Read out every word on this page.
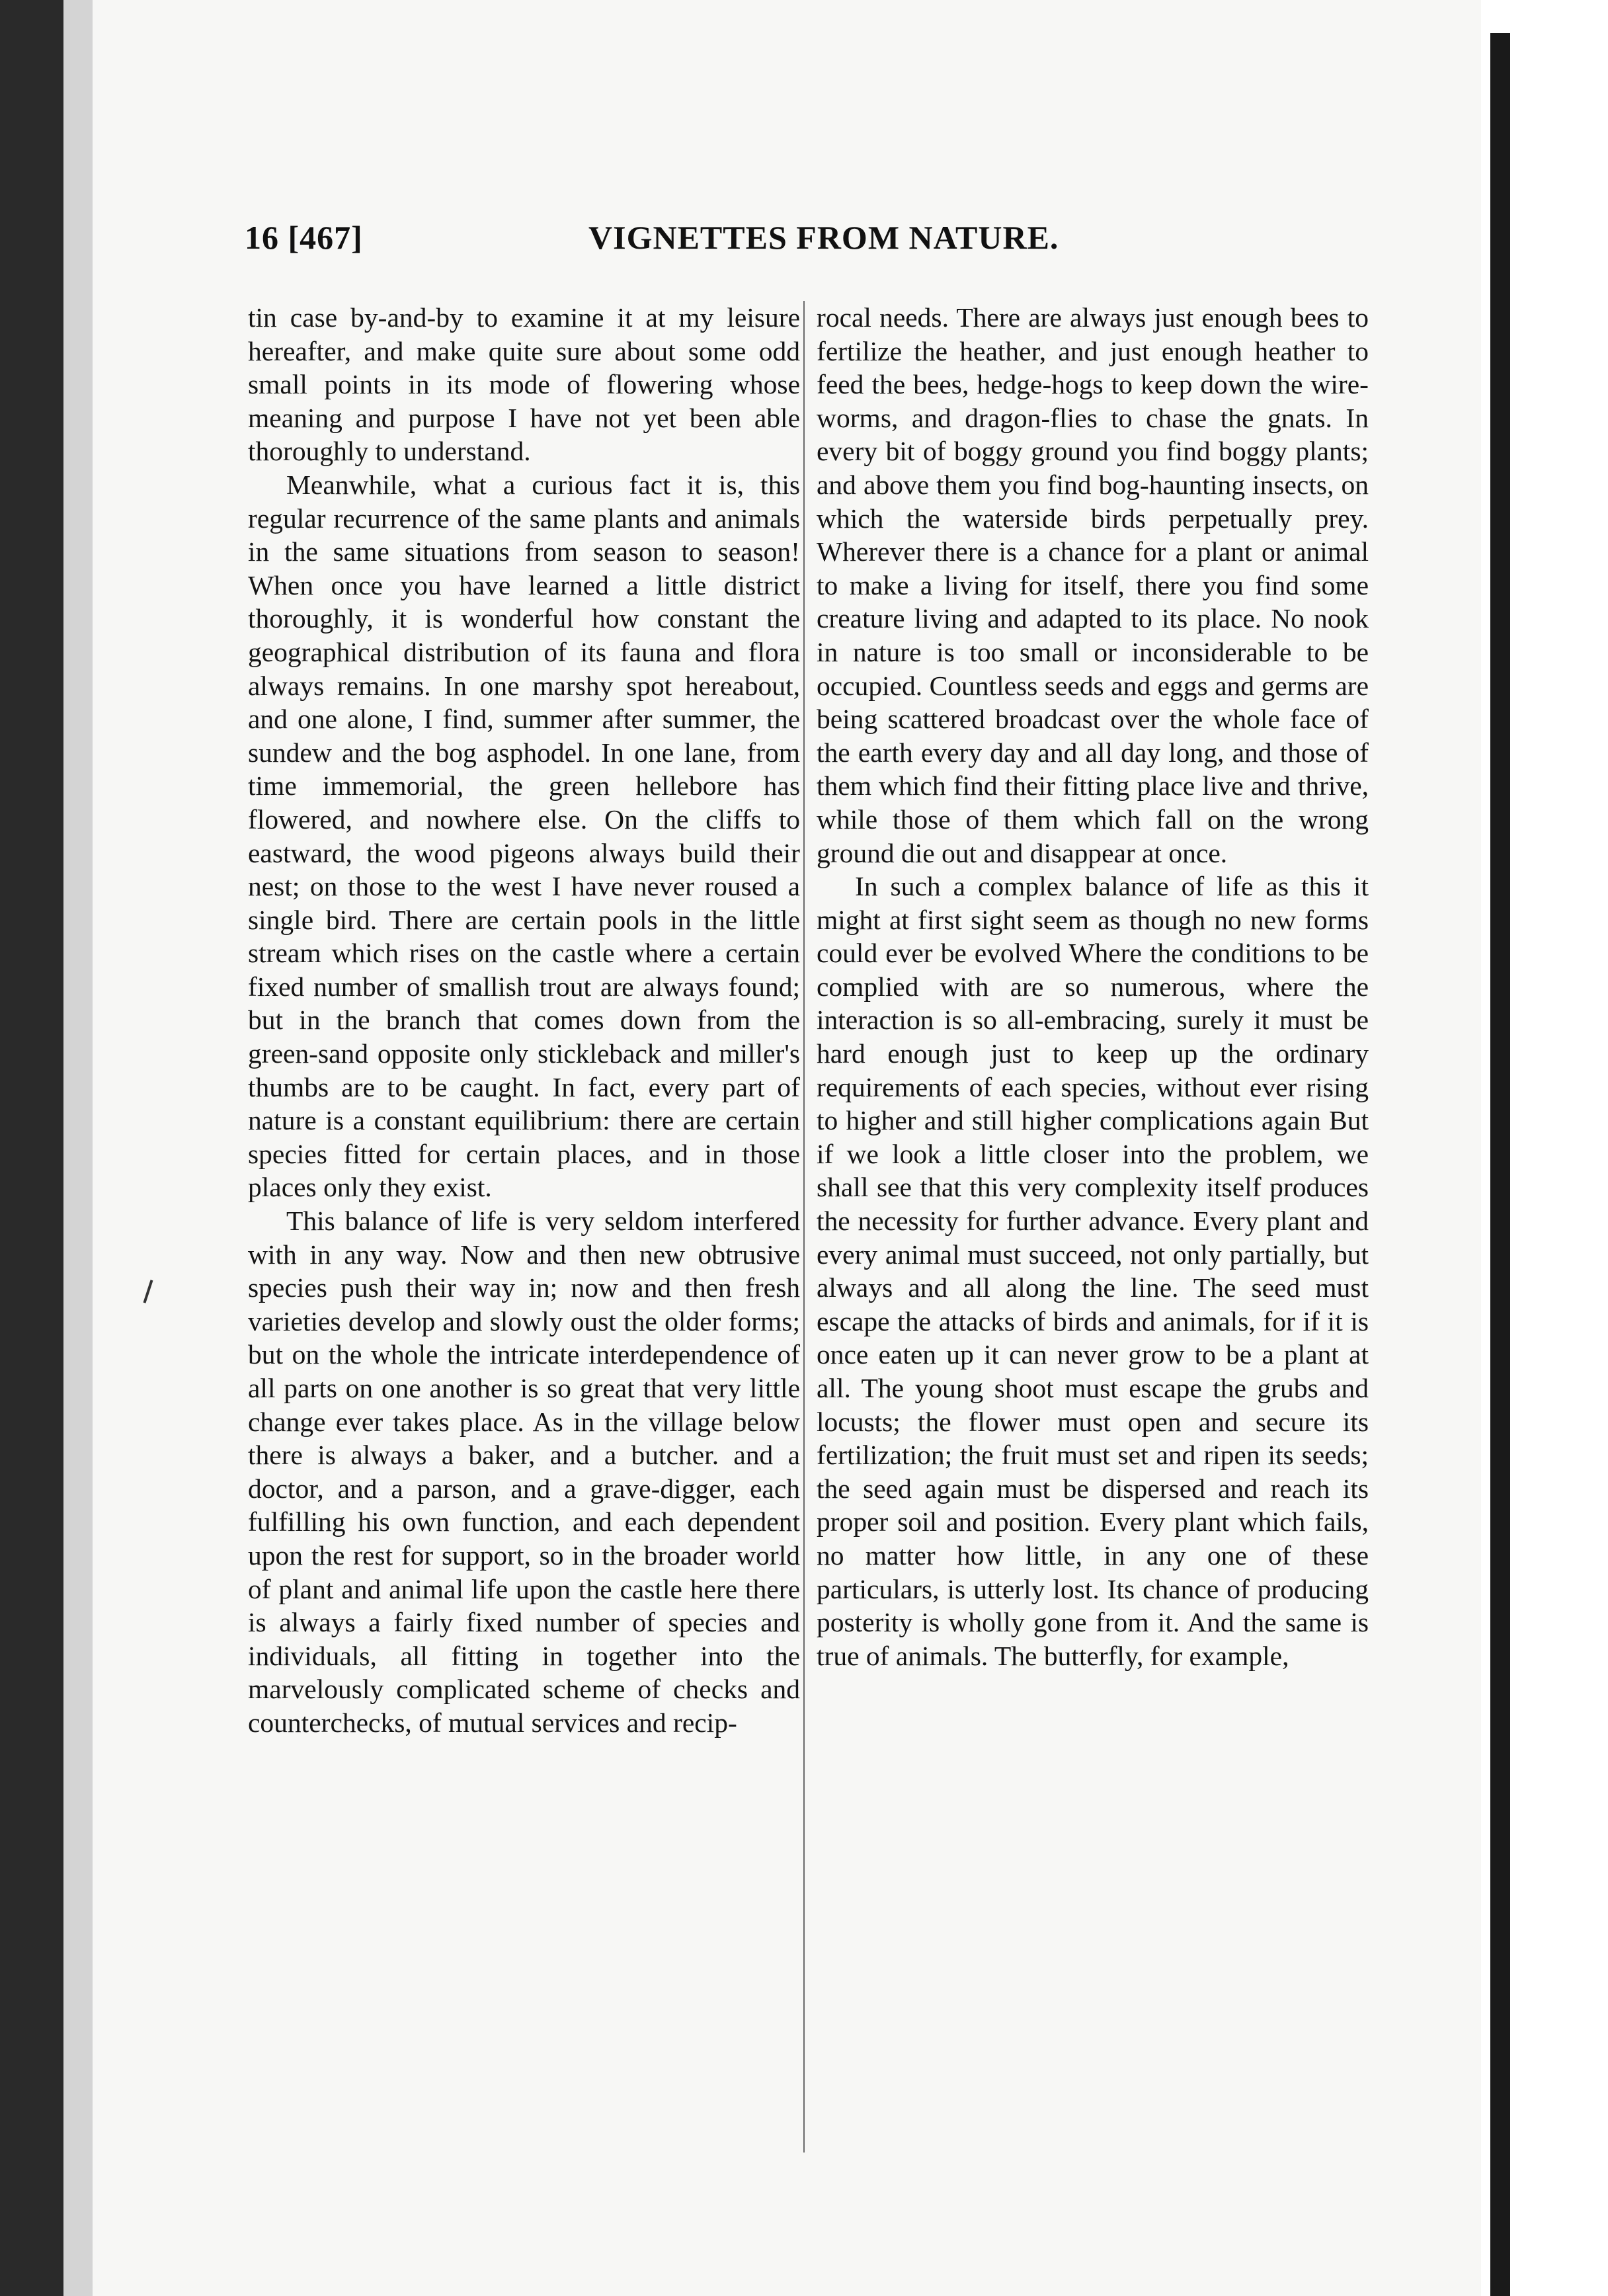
16 [467]	VIGNETTES FROM NATURE.

tin case by-and-by to examine it at my leisure hereafter, and make quite sure about some odd small points in its mode of flowering whose meaning and purpose I have not yet been able thoroughly to understand.

Meanwhile, what a curious fact it is, this regular recurrence of the same plants and animals in the same situations from season to season! When once you have learned a little district thoroughly, it is wonderful how constant the geographical distribution of its fauna and flora always remains. In one marshy spot hereabout, and one alone, I find, summer after summer, the sundew and the bog asphodel. In one lane, from time immemorial, the green hellebore has flowered, and nowhere else. On the cliffs to eastward, the wood pigeons always build their nest; on those to the west I have never roused a single bird. There are certain pools in the little stream which rises on the castle where a certain fixed number of smallish trout are always found; but in the branch that comes down from the green-sand opposite only stickleback and miller's thumbs are to be caught. In fact, every part of nature is a constant equilibrium: there are certain species fitted for certain places, and in those places only they exist.

This balance of life is very seldom interfered with in any way. Now and then new obtrusive species push their way in; now and then fresh varieties develop and slowly oust the older forms; but on the whole the intricate interdependence of all parts on one another is so great that very little change ever takes place. As in the village below there is always a baker, and a butcher. and a doctor, and a parson, and a grave-digger, each fulfilling his own function, and each dependent upon the rest for support, so in the broader world of plant and animal life upon the castle here there is always a fairly fixed number of species and individuals, all fitting in together into the marvelously complicated scheme of checks and counterchecks, of mutual services and recip-

rocal needs. There are always just enough bees to fertilize the heather, and just enough heather to feed the bees, hedge-hogs to keep down the wire-worms, and dragon-flies to chase the gnats. In every bit of boggy ground you find boggy plants; and above them you find bog-haunting insects, on which the waterside birds perpetually prey. Wherever there is a chance for a plant or animal to make a living for itself, there you find some creature living and adapted to its place. No nook in nature is too small or inconsiderable to be occupied. Countless seeds and eggs and germs are being scattered broadcast over the whole face of the earth every day and all day long, and those of them which find their fitting place live and thrive, while those of them which fall on the wrong ground die out and disappear at once.

In such a complex balance of life as this it might at first sight seem as though no new forms could ever be evolved Where the conditions to be complied with are so numerous, where the interaction is so all-embracing, surely it must be hard enough just to keep up the ordinary requirements of each species, without ever rising to higher and still higher complications again But if we look a little closer into the problem, we shall see that this very complexity itself produces the necessity for further advance. Every plant and every animal must succeed, not only partially, but always and all along the line. The seed must escape the attacks of birds and animals, for if it is once eaten up it can never grow to be a plant at all. The young shoot must escape the grubs and locusts; the flower must open and secure its fertilization; the fruit must set and ripen its seeds; the seed again must be dispersed and reach its proper soil and position. Every plant which fails, no matter how little, in any one of these particulars, is utterly lost. Its chance of producing posterity is wholly gone from it. And the same is true of animals. The butterfly, for example,
